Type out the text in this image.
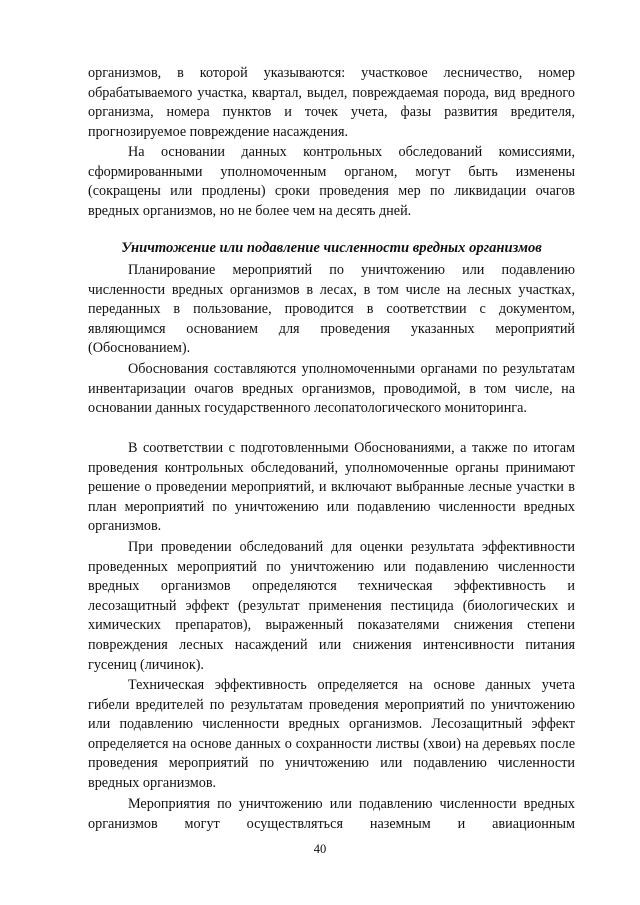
организмов, в которой указываются: участковое лесничество, номер обрабатываемого участка, квартал, выдел, повреждаемая порода, вид вредного организма, номера пунктов и точек учета, фазы развития вредителя, прогнозируемое повреждение насаждения.

На основании данных контрольных обследований комиссиями, сформированными уполномоченным органом, могут быть изменены (сокращены или продлены) сроки проведения мер по ликвидации очагов вредных организмов, но не более чем на десять дней.

Уничтожение или подавление численности вредных организмов

Планирование мероприятий по уничтожению или подавлению численности вредных организмов в лесах, в том числе на лесных участках, переданных в пользование, проводится в соответствии с документом, являющимся основанием для проведения указанных мероприятий (Обоснованием).

Обоснования составляются уполномоченными органами по результатам инвентаризации очагов вредных организмов, проводимой, в том числе, на основании данных государственного лесопатологического мониторинга.

В соответствии с подготовленными Обоснованиями, а также по итогам проведения контрольных обследований, уполномоченные органы принимают решение о проведении мероприятий, и включают выбранные лесные участки в план мероприятий по уничтожению или подавлению численности вредных организмов.

При проведении обследований для оценки результата эффективности проведенных мероприятий по уничтожению или подавлению численности вредных организмов определяются техническая эффективность и лесозащитный эффект (результат применения пестицида (биологических и химических препаратов), выраженный показателями снижения степени повреждения лесных насаждений или снижения интенсивности питания гусениц (личинок).

Техническая эффективность определяется на основе данных учета гибели вредителей по результатам проведения мероприятий по уничтожению или подавлению численности вредных организмов. Лесозащитный эффект определяется на основе данных о сохранности листвы (хвои) на деревьях после проведения мероприятий по уничтожению или подавлению численности вредных организмов.

Мероприятия по уничтожению или подавлению численности вредных организмов могут осуществляться наземным и авиационным

40
